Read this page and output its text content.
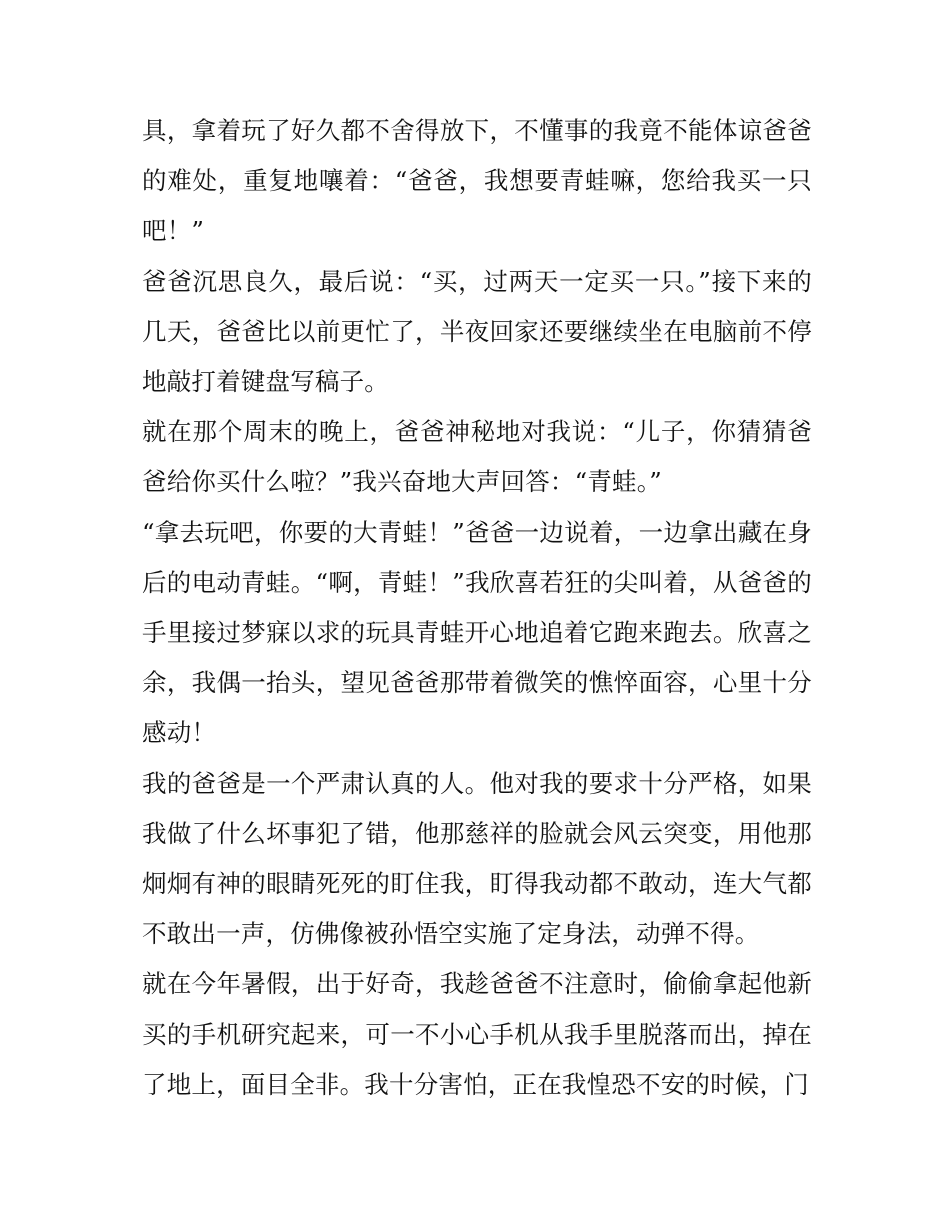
具，拿着玩了好久都不舍得放下，不懂事的我竟不能体谅爸爸的难处，重复地嚷着：“爸爸，我想要青蛙嘛，您给我买一只吧！”

爸爸沉思良久，最后说：“买，过两天一定买一只。”接下来的几天，爸爸比以前更忙了，半夜回家还要继续坐在电脑前不停地敲打着键盘写稿子。

就在那个周末的晚上，爸爸神秘地对我说：“儿子，你猜猜爸爸给你买什么啦？”我兴奋地大声回答：“青蛙。”

“拿去玩吧，你要的大青蛙！”爸爸一边说着，一边拿出藏在身后的电动青蛙。“啊，青蛙！”我欣喜若狂的尖叫着，从爸爸的手里接过梦寐以求的玩具青蛙开心地追着它跑来跑去。欣喜之余，我偶一抬头，望见爸爸那带着微笑的憔悴面容，心里十分感动！

我的爸爸是一个严肃认真的人。他对我的要求十分严格，如果我做了什么坏事犯了错，他那慈祥的脸就会风云突变，用他那炯炯有神的眼睛死死的盯住我，盯得我动都不敢动，连大气都不敢出一声，仿佛像被孙悟空实施了定身法，动弹不得。

就在今年暑假，出于好奇，我趁爸爸不注意时，偷偷拿起他新买的手机研究起来，可一不小心手机从我手里脱落而出，掉在了地上，面目全非。我十分害怕，正在我惶恐不安的时候，门
